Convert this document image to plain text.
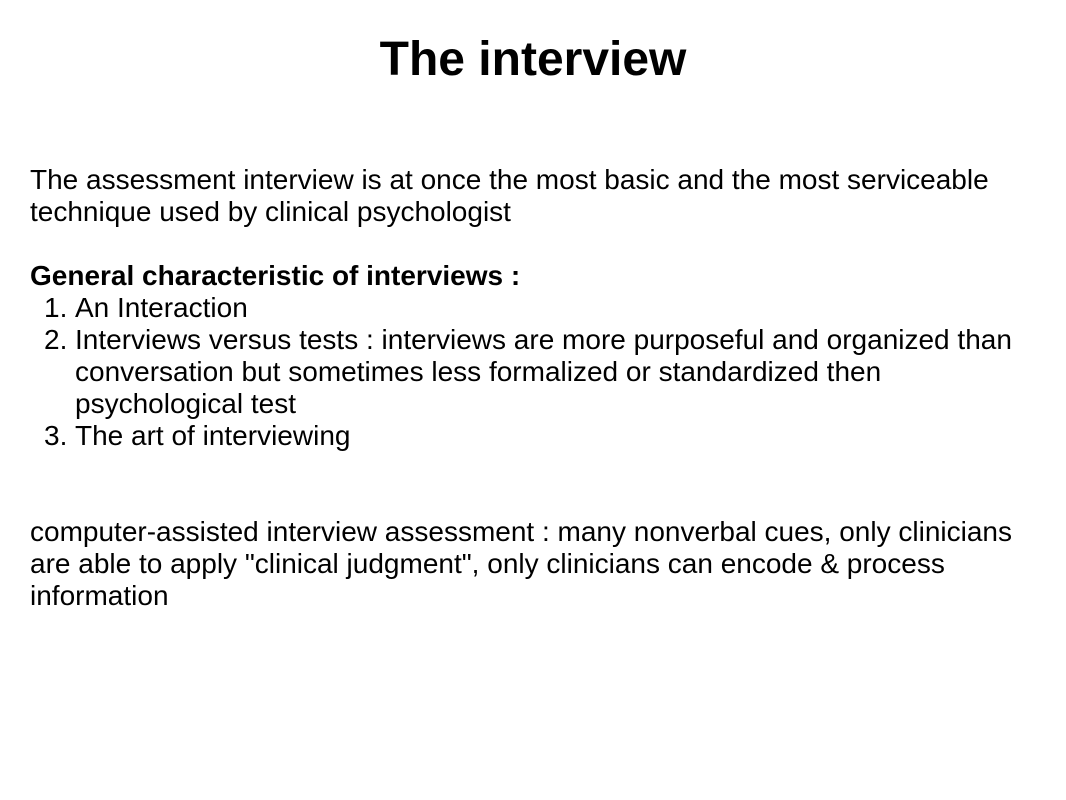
The interview

The assessment interview is at once the most basic and the most serviceable technique used by clinical psychologist

General characteristic of interviews :

1. An Interaction
2. Interviews versus tests : interviews are more purposeful and organized than conversation but sometimes less formalized or standardized then psychological test
3. The art of interviewing

computer-assisted interview assessment : many nonverbal cues, only clinicians are able to apply "clinical judgment", only clinicians can encode & process information
